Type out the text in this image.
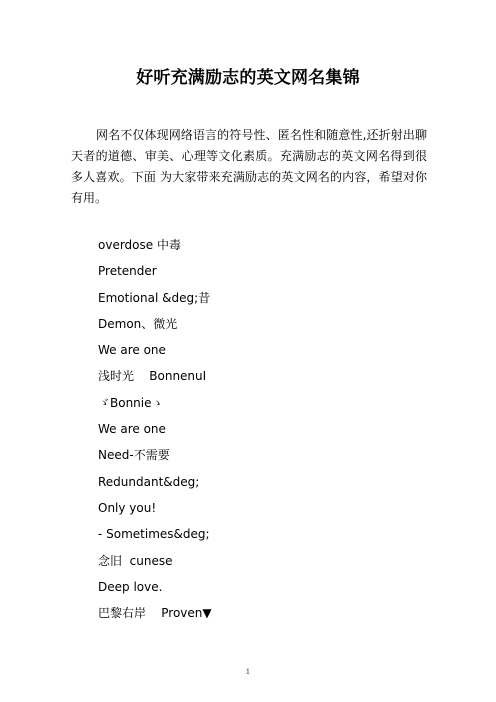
好听充满励志的英文网名集锦

网名不仅体现网络语言的符号性、匿名性和随意性,还折射出聊天者的道德、审美、心理等文化素质。充满励志的英文网名得到很多人喜欢。下面 为大家带来充满励志的英文网名的内容，希望对你有用。

overdose 中毒
Pretender
Emotional &deg;昔
Demon、微光
We are one
浅时光    BonnenuI
ゞBonnieゝ
We are one
Need-不需要
Redundant&deg;
Only you!
- Sometimes&deg;
念旧  cunese
Deep love.
巴黎右岸    Proven▼
1
